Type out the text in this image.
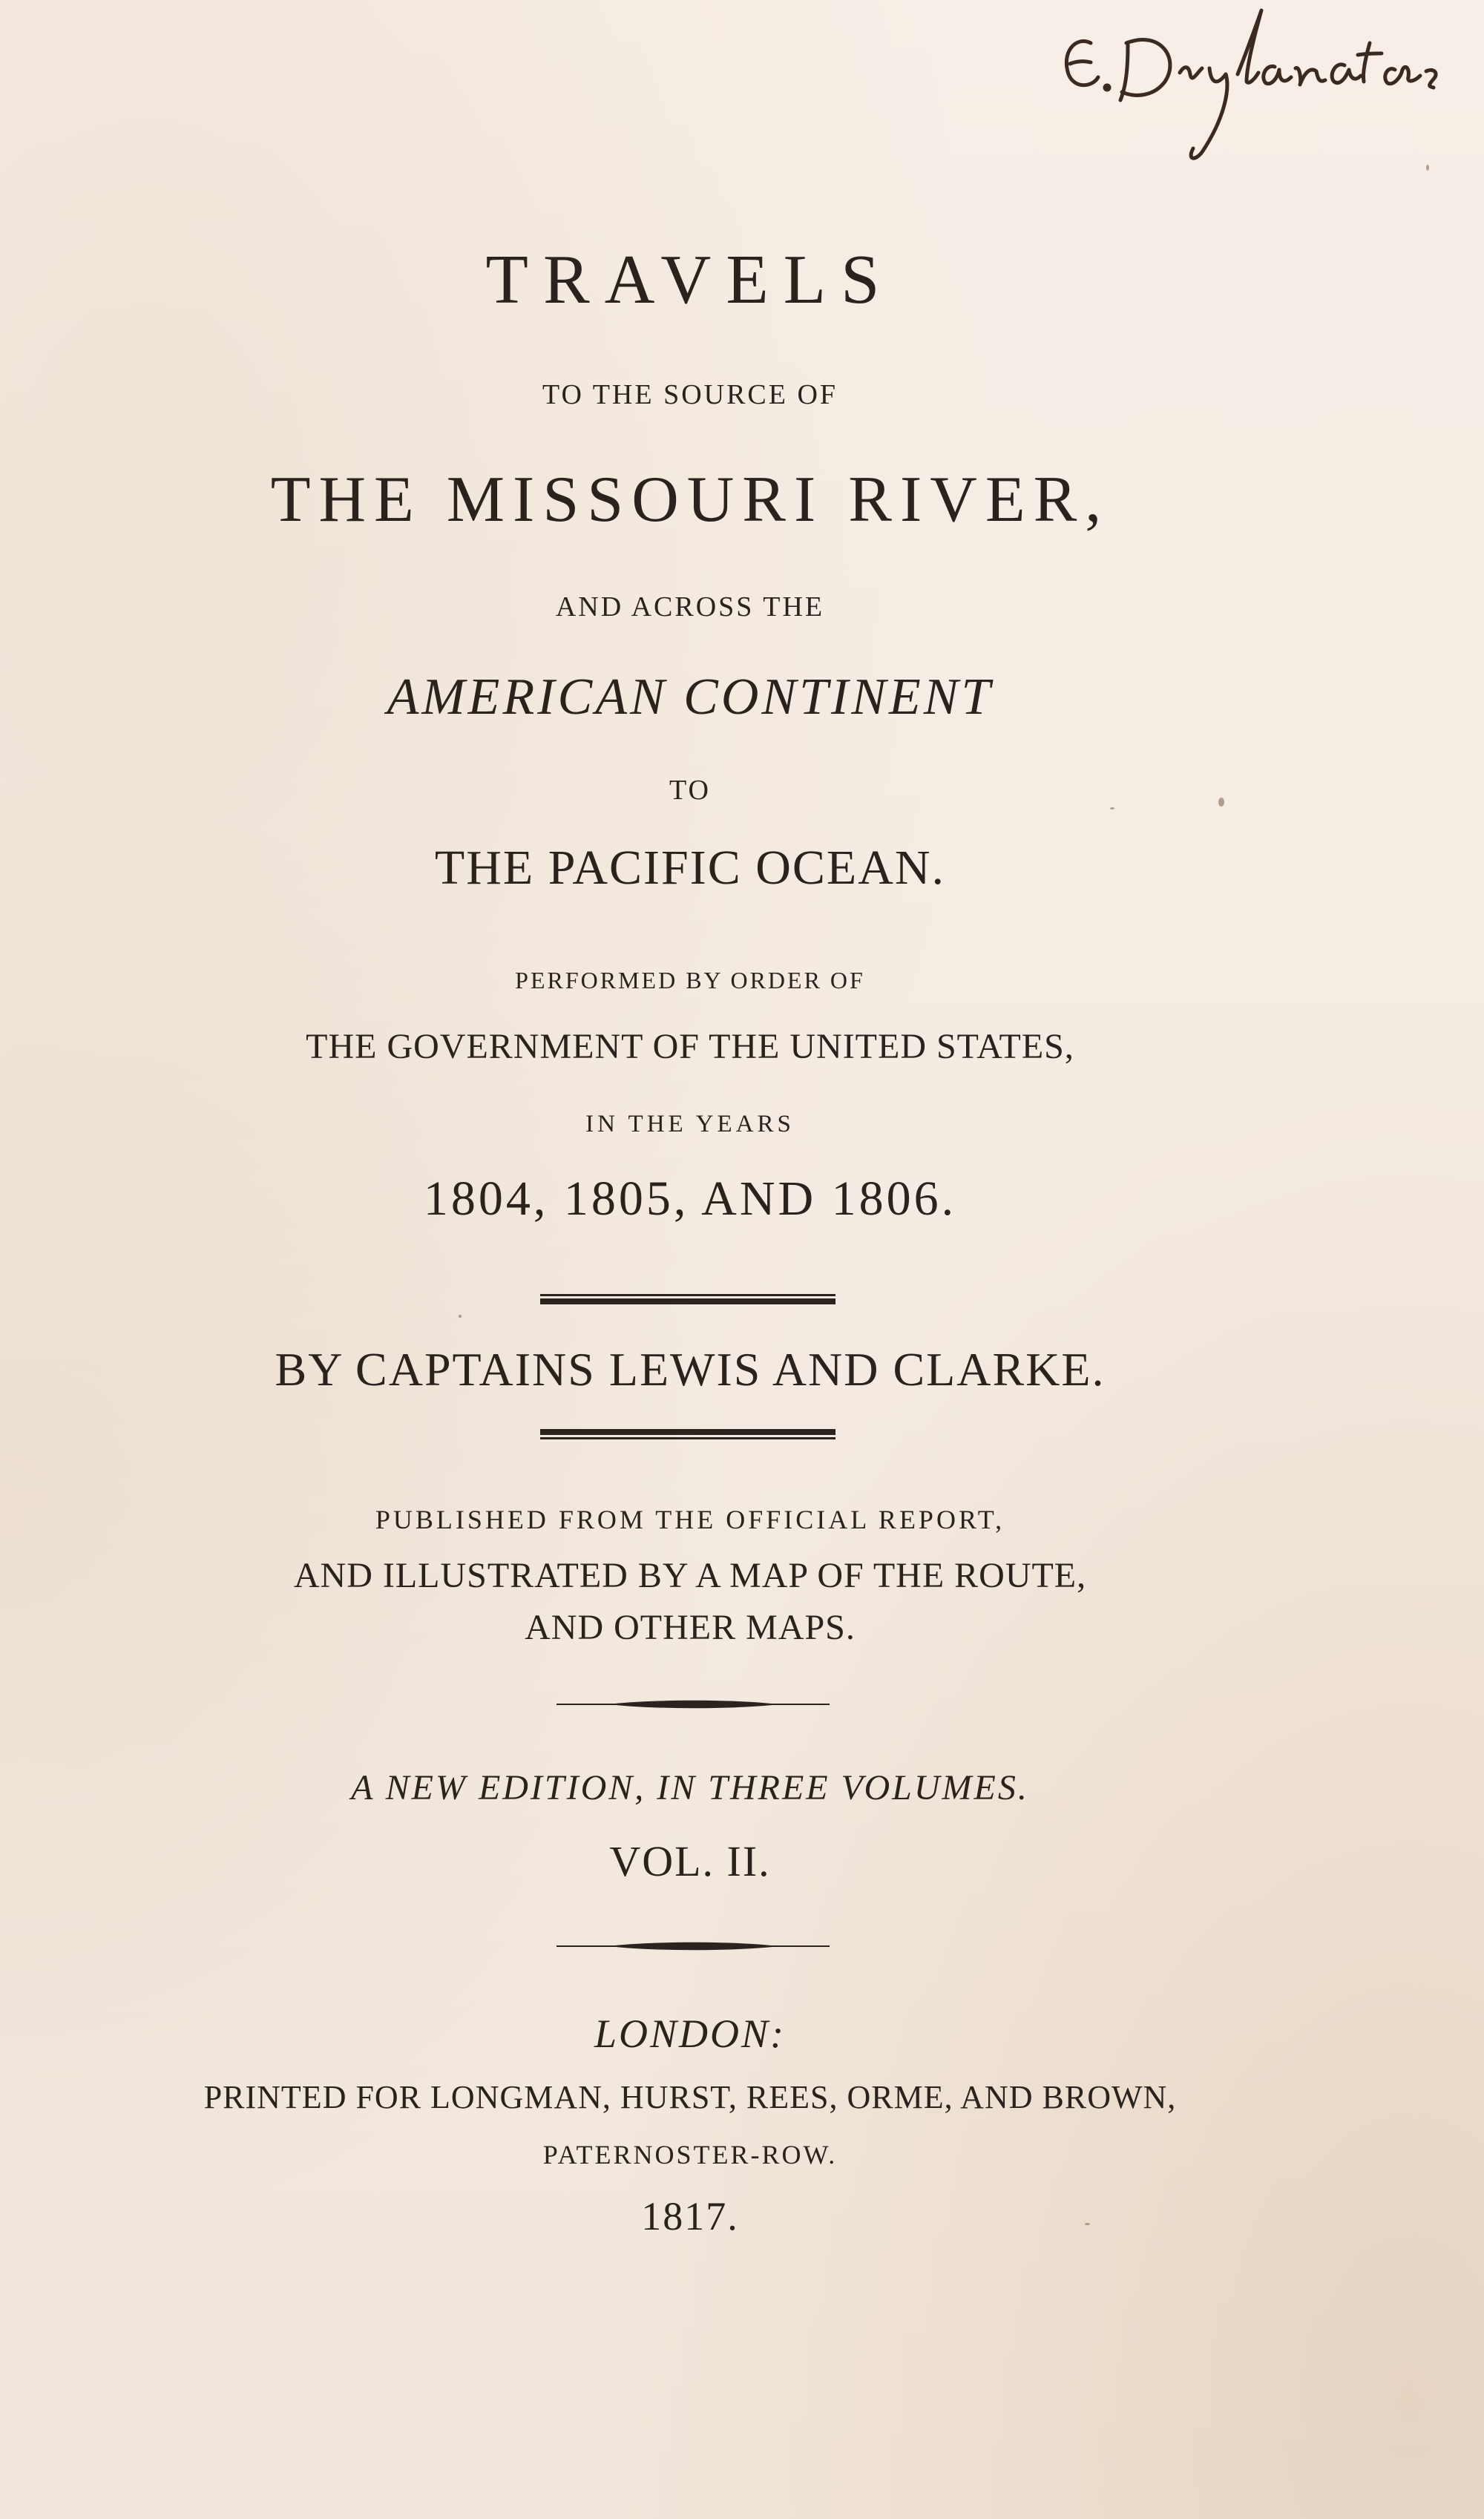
TRAVELS
TO THE SOURCE OF
THE MISSOURI RIVER,
AND ACROSS THE
AMERICAN CONTINENT
TO
THE PACIFIC OCEAN.
PERFORMED BY ORDER OF
THE GOVERNMENT OF THE UNITED STATES,
IN THE YEARS
1804, 1805, AND 1806.
BY CAPTAINS LEWIS AND CLARKE.
PUBLISHED FROM THE OFFICIAL REPORT,
AND ILLUSTRATED BY A MAP OF THE ROUTE,
AND OTHER MAPS.
A NEW EDITION, IN THREE VOLUMES.
VOL. II.
LONDON:
PRINTED FOR LONGMAN, HURST, REES, ORME, AND BROWN,
PATERNOSTER-ROW.
1817.
